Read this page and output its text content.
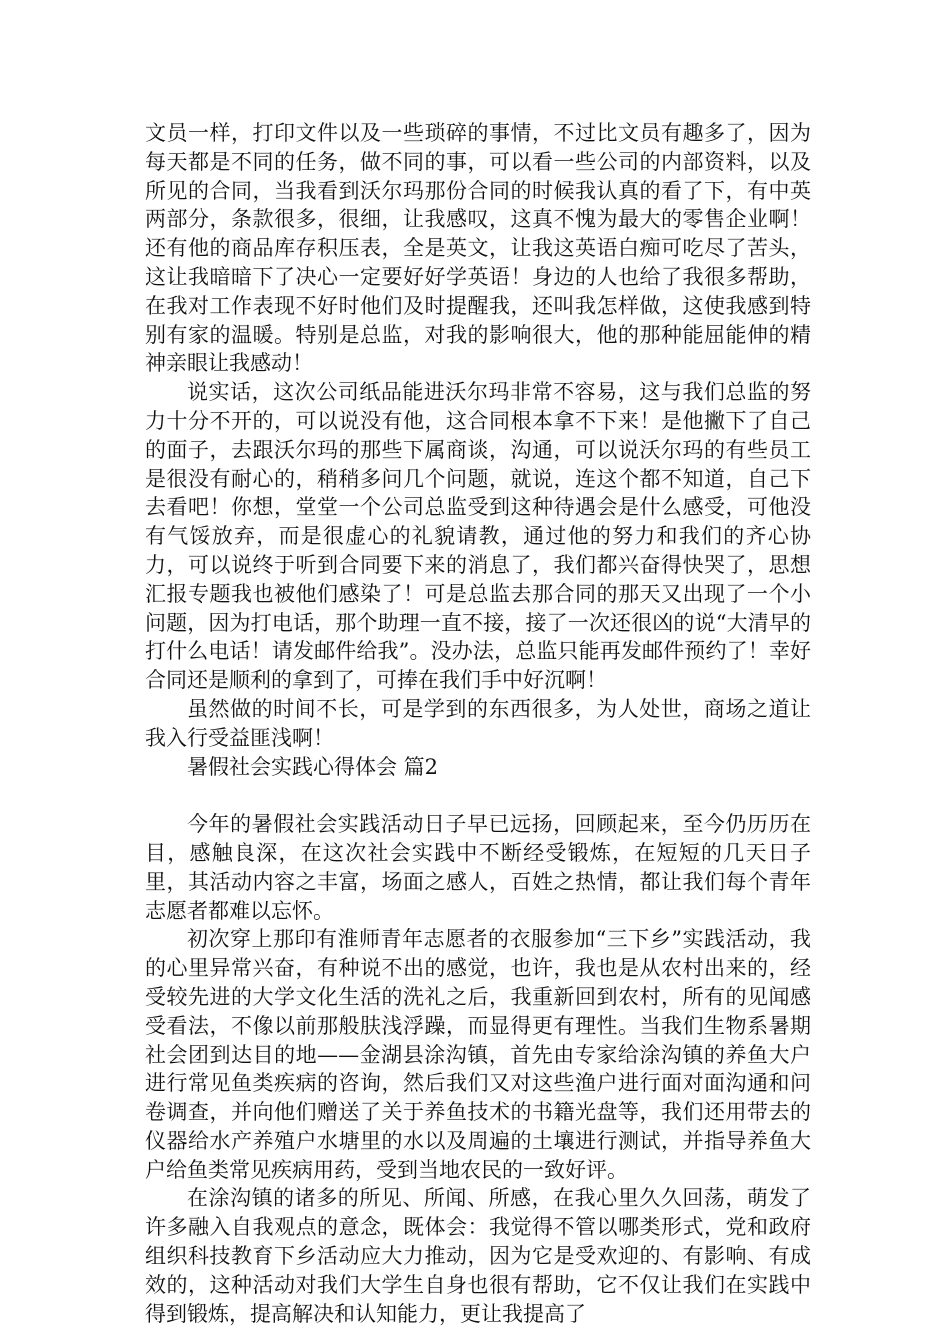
文员一样，打印文件以及一些琐碎的事情，不过比文员有趣多了，因为每天都是不同的任务，做不同的事，可以看一些公司的内部资料，以及所见的合同，当我看到沃尔玛那份合同的时候我认真的看了下，有中英两部分，条款很多，很细，让我感叹，这真不愧为最大的零售企业啊！还有他的商品库存积压表，全是英文，让我这英语白痴可吃尽了苦头，这让我暗暗下了决心一定要好好学英语！身边的人也给了我很多帮助，在我对工作表现不好时他们及时提醒我，还叫我怎样做，这使我感到特别有家的温暖。特别是总监，对我的影响很大，他的那种能屈能伸的精神亲眼让我感动！

说实话，这次公司纸品能进沃尔玛非常不容易，这与我们总监的努力十分不开的，可以说没有他，这合同根本拿不下来！是他撇下了自己的面子，去跟沃尔玛的那些下属商谈，沟通，可以说沃尔玛的有些员工是很没有耐心的，稍稍多问几个问题，就说，连这个都不知道，自己下去看吧！你想，堂堂一个公司总监受到这种待遇会是什么感受，可他没有气馁放弃，而是很虚心的礼貌请教，通过他的努力和我们的齐心协力，可以说终于听到合同要下来的消息了，我们都兴奋得快哭了，思想汇报专题我也被他们感染了！可是总监去那合同的那天又出现了一个小问题，因为打电话，那个助理一直不接，接了一次还很凶的说“大清早的打什么电话！请发邮件给我”。没办法，总监只能再发邮件预约了！幸好合同还是顺利的拿到了，可捧在我们手中好沉啊！

虽然做的时间不长，可是学到的东西很多，为人处世，商场之道让我入行受益匪浅啊！

暑假社会实践心得体会 篇2

今年的暑假社会实践活动日子早已远扬，回顾起来，至今仍历历在目，感触良深，在这次社会实践中不断经受锻炼，在短短的几天日子里，其活动内容之丰富，场面之感人，百姓之热情，都让我们每个青年志愿者都难以忘怀。

初次穿上那印有淮师青年志愿者的衣服参加“三下乡”实践活动，我的心里异常兴奋，有种说不出的感觉，也许，我也是从农村出来的，经受较先进的大学文化生活的洗礼之后，我重新回到农村，所有的见闻感受看法，不像以前那般肤浅浮躁，而显得更有理性。当我们生物系暑期社会团到达目的地——金湖县涂沟镇，首先由专家给涂沟镇的养鱼大户进行常见鱼类疾病的咨询，然后我们又对这些渔户进行面对面沟通和问卷调查，并向他们赠送了关于养鱼技术的书籍光盘等，我们还用带去的仪器给水产养殖户水塘里的水以及周遍的土壤进行测试，并指导养鱼大户给鱼类常见疾病用药，受到当地农民的一致好评。

在涂沟镇的诸多的所见、所闻、所感，在我心里久久回荡，萌发了许多融入自我观点的意念，既体会：我觉得不管以哪类形式，党和政府组织科技教育下乡活动应大力推动，因为它是受欢迎的、有影响、有成效的，这种活动对我们大学生自身也很有帮助，它不仅让我们在实践中得到锻炼，提高解决和认知能力，更让我提高了
